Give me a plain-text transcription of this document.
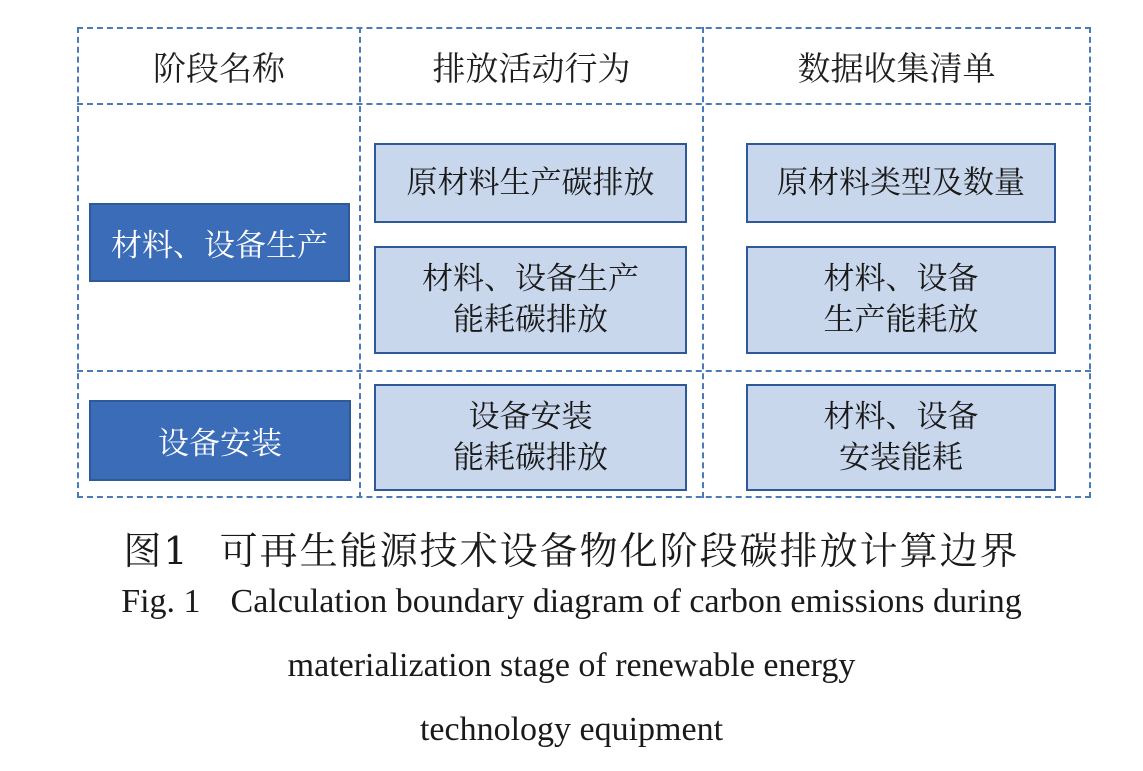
阶段名称	排放活动行为	数据收集清单
材料、设备生产
设备安装
原材料生产碳排放
材料、设备生产
能耗碳排放
设备安装
能耗碳排放
原材料类型及数量
材料、设备
生产能耗放
材料、设备
安装能耗
图1 可再生能源技术设备物化阶段碳排放计算边界
Fig. 1 Calculation boundary diagram of carbon emissions during
materialization stage of renewable energy
technology equipment
